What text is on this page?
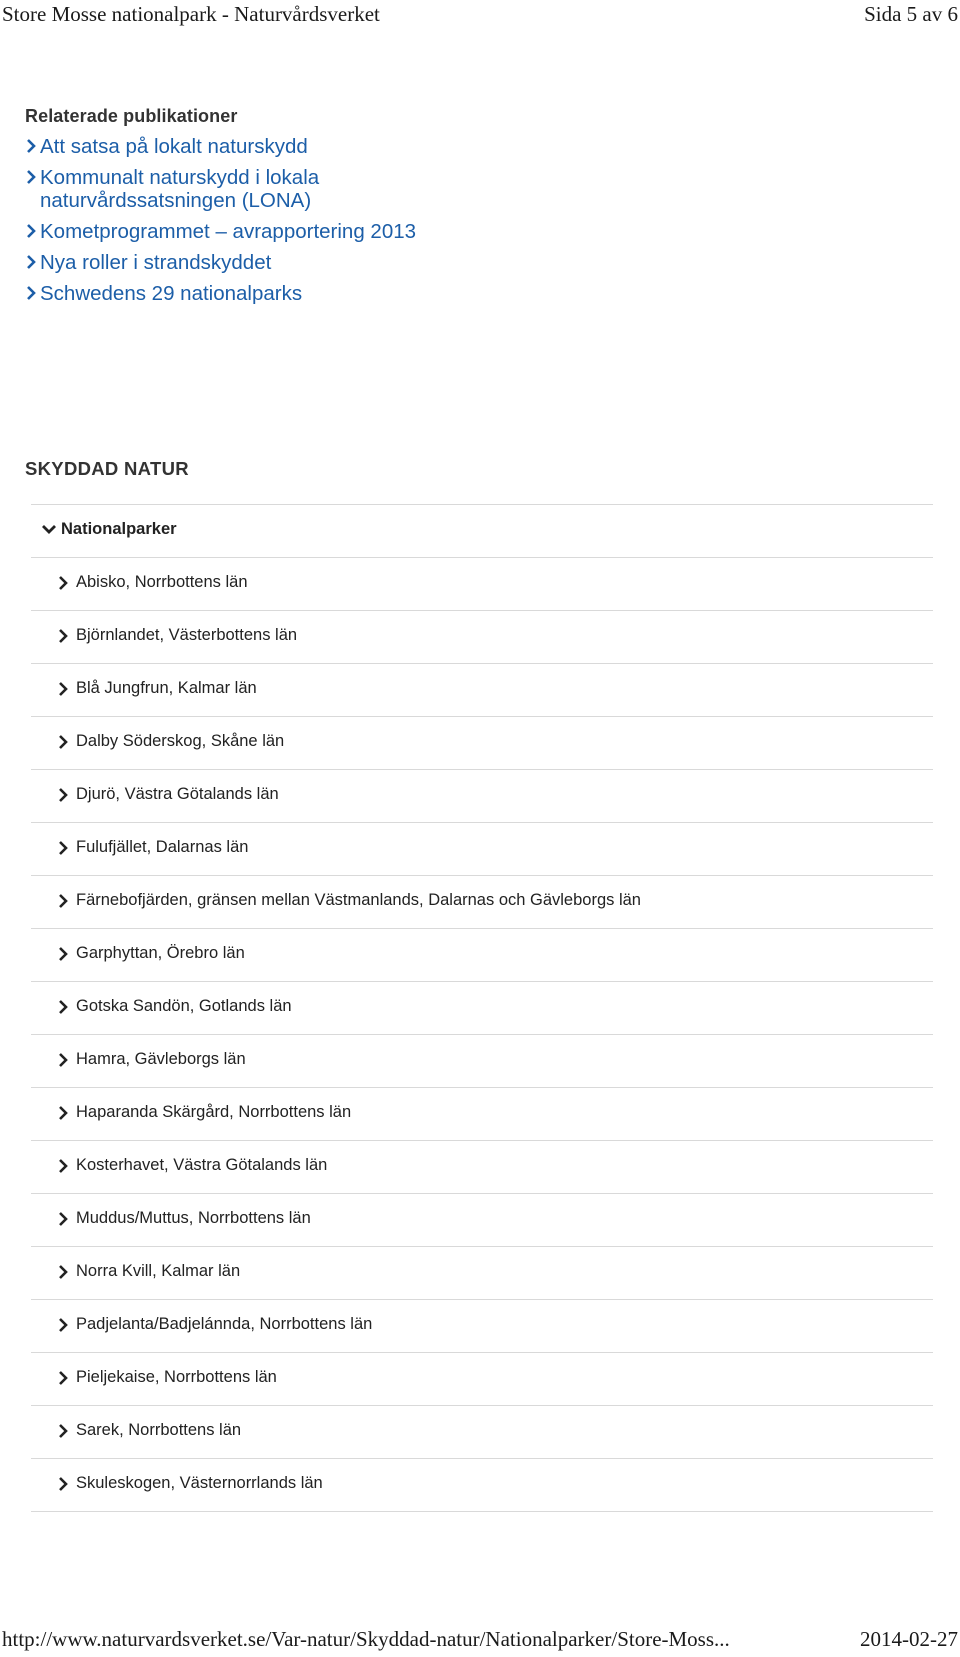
Store Mosse nationalpark - Naturvårdsverket	Sida 5 av 6
Relaterade publikationer
Att satsa på lokalt naturskydd
Kommunalt naturskydd i lokala
naturvårdssatsningen (LONA)
Kometprogrammet – avrapportering 2013
Nya roller i strandskyddet
Schwedens 29 nationalparks
SKYDDAD NATUR
Nationalparker
Abisko, Norrbottens län
Björnlandet, Västerbottens län
Blå Jungfrun, Kalmar län
Dalby Söderskog, Skåne län
Djurö, Västra Götalands län
Fulufjället, Dalarnas län
Färnebofjärden, gränsen mellan Västmanlands, Dalarnas och Gävleborgs län
Garphyttan, Örebro län
Gotska Sandön, Gotlands län
Hamra, Gävleborgs län
Haparanda Skärgård, Norrbottens län
Kosterhavet, Västra Götalands län
Muddus/Muttus, Norrbottens län
Norra Kvill, Kalmar län
Padjelanta/Badjelánnda, Norrbottens län
Pieljekaise, Norrbottens län
Sarek, Norrbottens län
Skuleskogen, Västernorrlands län
http://www.naturvardsverket.se/Var-natur/Skyddad-natur/Nationalparker/Store-Moss...	2014-02-27
